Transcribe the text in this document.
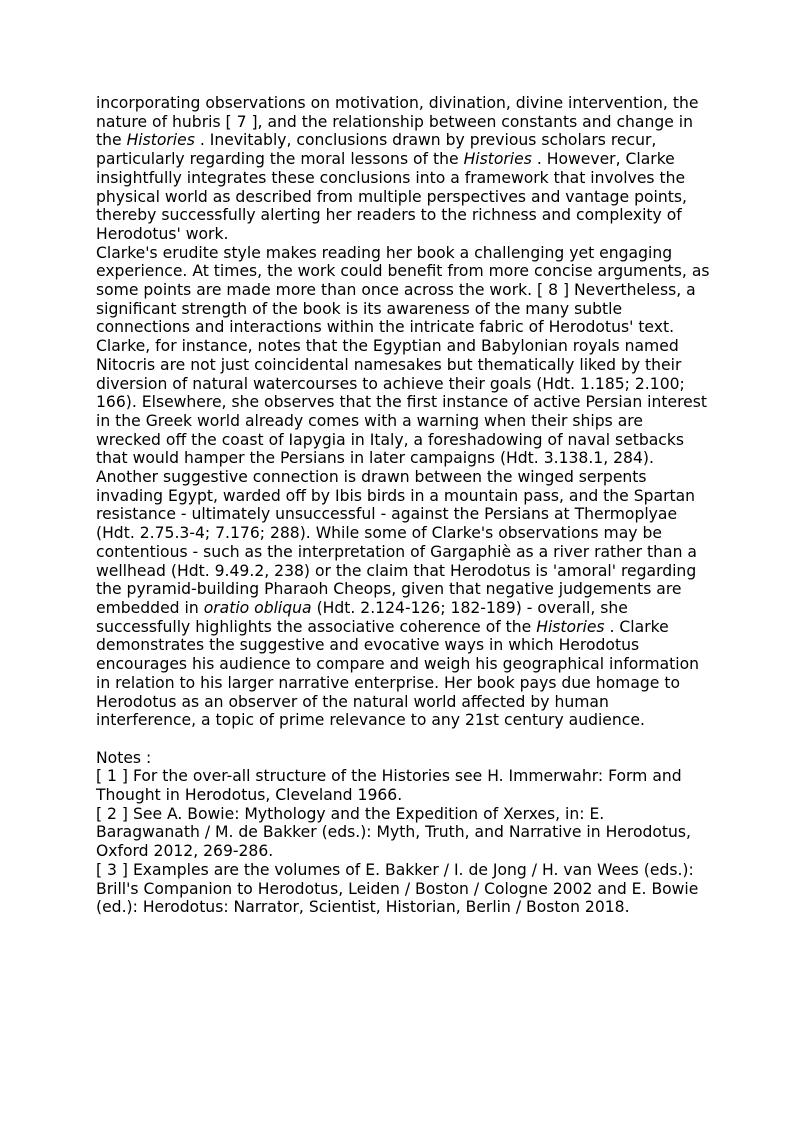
incorporating observations on motivation, divination, divine intervention, the nature of hubris [ 7 ], and the relationship between constants and change in the Histories . Inevitably, conclusions drawn by previous scholars recur, particularly regarding the moral lessons of the Histories . However, Clarke insightfully integrates these conclusions into a framework that involves the physical world as described from multiple perspectives and vantage points, thereby successfully alerting her readers to the richness and complexity of Herodotus' work.

Clarke's erudite style makes reading her book a challenging yet engaging experience. At times, the work could benefit from more concise arguments, as some points are made more than once across the work. [ 8 ] Nevertheless, a significant strength of the book is its awareness of the many subtle connections and interactions within the intricate fabric of Herodotus' text. Clarke, for instance, notes that the Egyptian and Babylonian royals named Nitocris are not just coincidental namesakes but thematically liked by their diversion of natural watercourses to achieve their goals (Hdt. 1.185; 2.100; 166). Elsewhere, she observes that the first instance of active Persian interest in the Greek world already comes with a warning when their ships are wrecked off the coast of Iapygia in Italy, a foreshadowing of naval setbacks that would hamper the Persians in later campaigns (Hdt. 3.138.1, 284). Another suggestive connection is drawn between the winged serpents invading Egypt, warded off by Ibis birds in a mountain pass, and the Spartan resistance - ultimately unsuccessful - against the Persians at Thermoplyae (Hdt. 2.75.3-4; 7.176; 288). While some of Clarke's observations may be contentious - such as the interpretation of Gargaphiè as a river rather than a wellhead (Hdt. 9.49.2, 238) or the claim that Herodotus is 'amoral' regarding the pyramid-building Pharaoh Cheops, given that negative judgements are embedded in oratio obliqua (Hdt. 2.124-126; 182-189) - overall, she successfully highlights the associative coherence of the Histories . Clarke demonstrates the suggestive and evocative ways in which Herodotus encourages his audience to compare and weigh his geographical information in relation to his larger narrative enterprise. Her book pays due homage to Herodotus as an observer of the natural world affected by human interference, a topic of prime relevance to any 21st century audience.

Notes :

[ 1 ] For the over-all structure of the Histories see H. Immerwahr: Form and Thought in Herodotus, Cleveland 1966.

[ 2 ] See A. Bowie: Mythology and the Expedition of Xerxes, in: E. Baragwanath / M. de Bakker (eds.): Myth, Truth, and Narrative in Herodotus, Oxford 2012, 269-286.

[ 3 ] Examples are the volumes of E. Bakker / I. de Jong / H. van Wees (eds.): Brill's Companion to Herodotus, Leiden / Boston / Cologne 2002 and E. Bowie (ed.): Herodotus: Narrator, Scientist, Historian, Berlin / Boston 2018.
